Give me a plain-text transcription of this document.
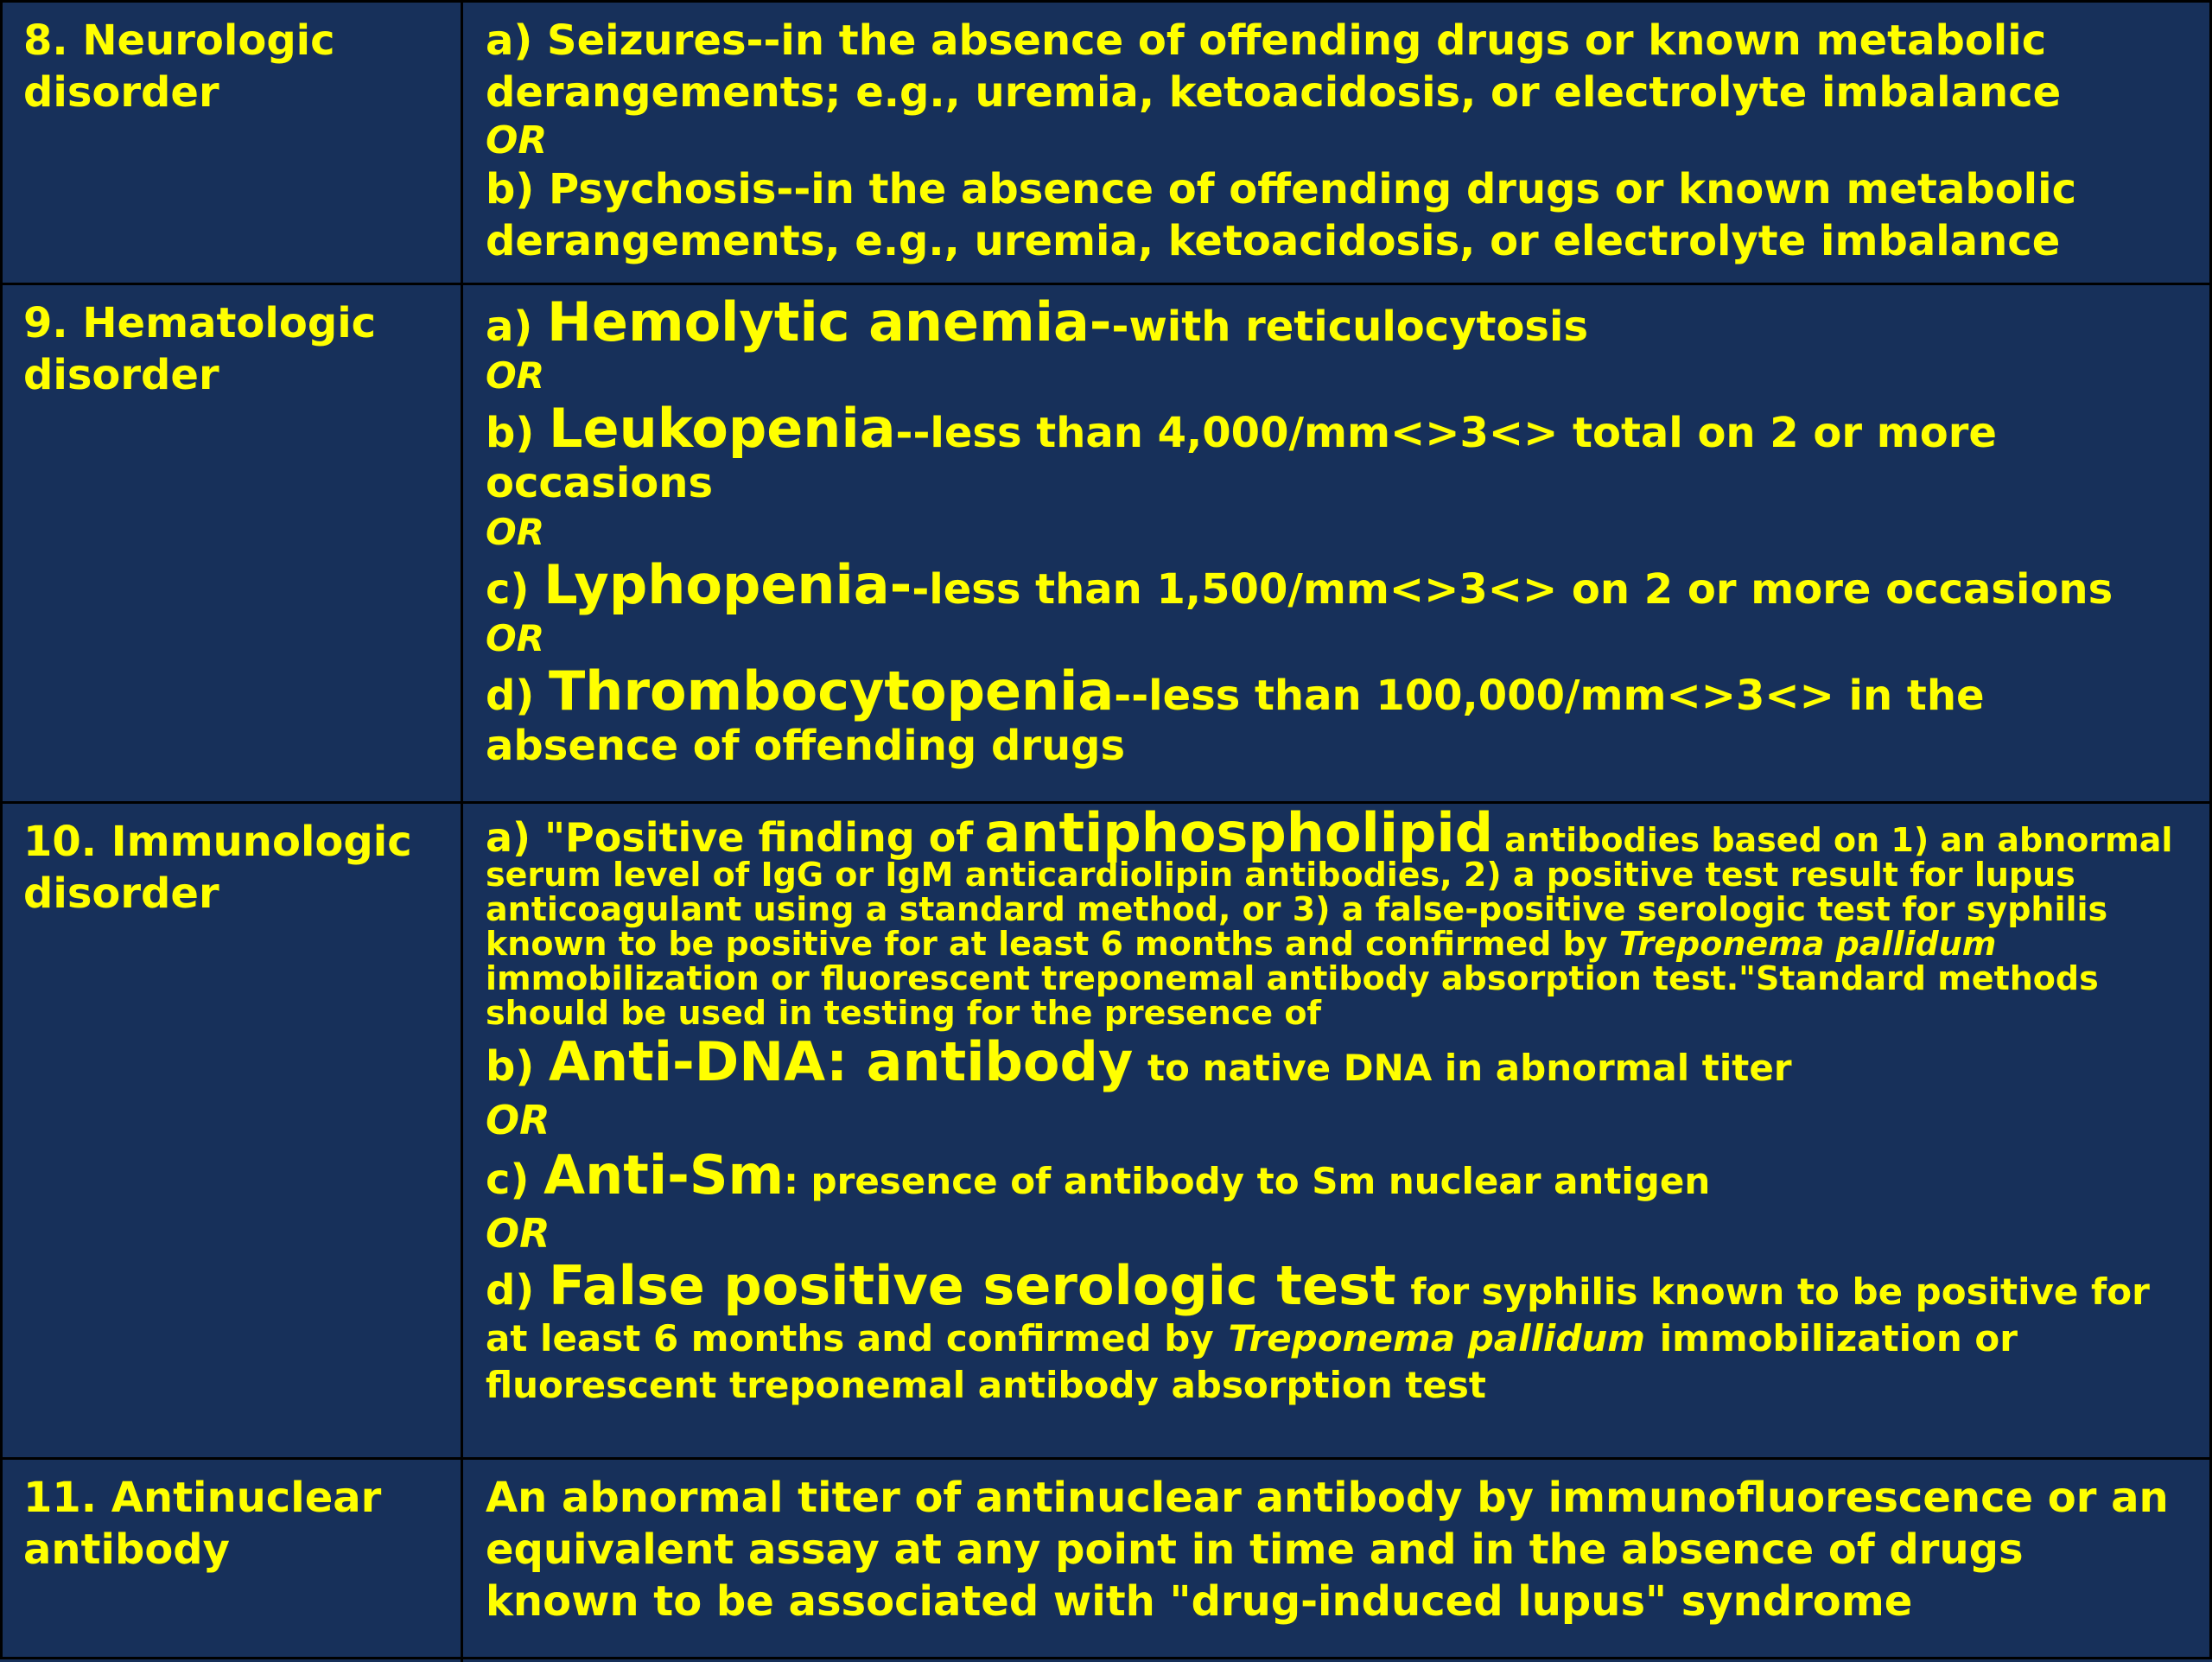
8. Neurologic disorder

a) Seizures--in the absence of offending drugs or known metabolic derangements; e.g., uremia, ketoacidosis, or electrolyte imbalance

OR

b) Psychosis--in the absence of offending drugs or known metabolic derangements, e.g., uremia, ketoacidosis, or electrolyte imbalance

9. Hematologic disorder

a) Hemolytic anemia--with reticulocytosis

OR

b) Leukopenia--less than 4,000/mm<>3<> total on 2 or more occasions

OR

c) Lyphopenia--less than 1,500/mm<>3<> on 2 or more occasions

OR

d) Thrombocytopenia--less than 100,000/mm<>3<> in the absence of offending drugs

10. Immunologic disorder

a) "Positive finding of antiphospholipid antibodies based on 1) an abnormal serum level of IgG or IgM anticardiolipin antibodies, 2) a positive test result for lupus anticoagulant using a standard method, or 3) a false-positive serologic test for syphilis known to be positive for at least 6 months and confirmed by Treponema pallidum immobilization or fluorescent treponemal antibody absorption test."Standard methods should be used in testing for the presence of

b) Anti-DNA: antibody to native DNA in abnormal titer

OR

c) Anti-Sm: presence of antibody to Sm nuclear antigen

OR

d) False positive serologic test for syphilis known to be positive for at least 6 months and confirmed by Treponema pallidum immobilization or fluorescent treponemal antibody absorption test

11. Antinuclear antibody
An abnormal titer of antinuclear antibody by immunofluorescence or an equivalent assay at any point in time and in the absence of drugs known to be associated with "drug-induced lupus" syndrome
